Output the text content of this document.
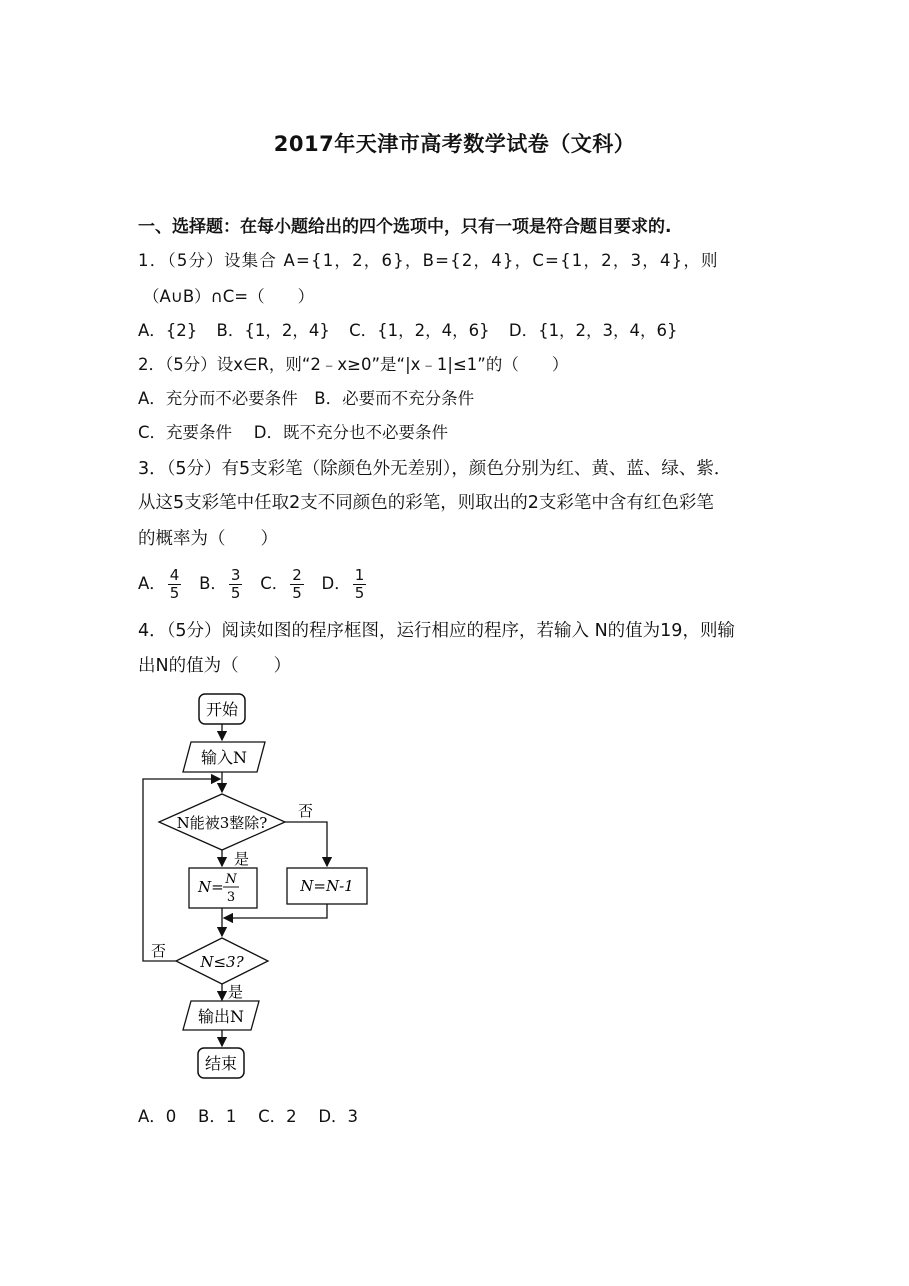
2017年天津市高考数学试卷（文科）
一、选择题：在每小题给出的四个选项中，只有一项是符合题目要求的.
1．（5分）设集合 A={1，2，6}，B={2，4}，C={1，2，3，4}，则
（A∪B）∩C=（　　）
A．{2} B．{1，2，4} C．{1，2，4，6} D．{1，2，3，4，6}
2．（5分）设x∈R，则“2﹣x≥0”是“|x﹣1|≤1”的（　　）
A．充分而不必要条件　B．必要而不充分条件
C．充要条件　 D．既不充分也不必要条件
3．（5分）有5支彩笔（除颜色外无差别），颜色分别为红、黄、蓝、绿、紫．
从这5支彩笔中任取2支不同颜色的彩笔，则取出的2支彩笔中含有红色彩笔
的概率为（　　）
A． $\frac{4}{5}$ B． $\frac{3}{5}$ C． $\frac{2}{5}$ D． $\frac{1}{5}$
4．（5分）阅读如图的程序框图，运行相应的程序，若输入 N的值为19，则输
出N的值为（　　）
开始
输入N
N能被3整除?
否
是
N= N
3
N=N-1
N≤3?
否
是
输出N
结束
A．0　 B．1　 C．2　 D．3
